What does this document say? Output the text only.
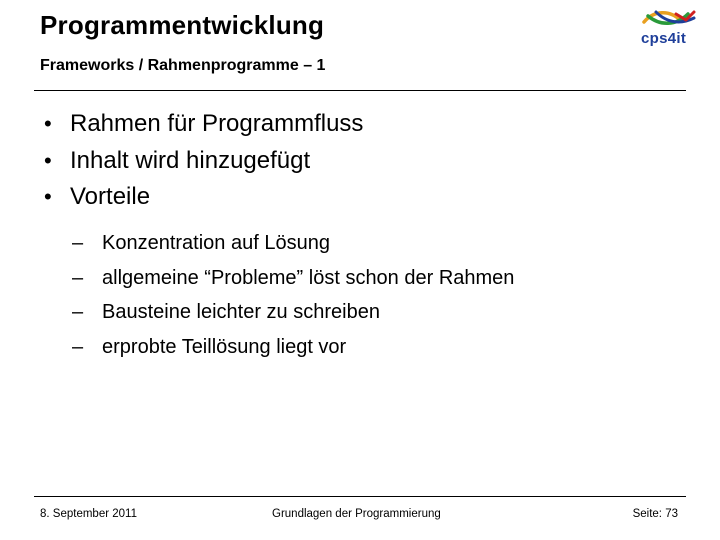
Programmentwicklung
Frameworks / Rahmenprogramme – 1
cps4it
• Rahmen für Programmfluss
• Inhalt wird hinzugefügt
• Vorteile
– Konzentration auf Lösung
– allgemeine “Probleme” löst schon der Rahmen
– Bausteine leichter zu schreiben
– erprobte Teillösung liegt vor
8. September 2011	Grundlagen der Programmierung	Seite: 73
